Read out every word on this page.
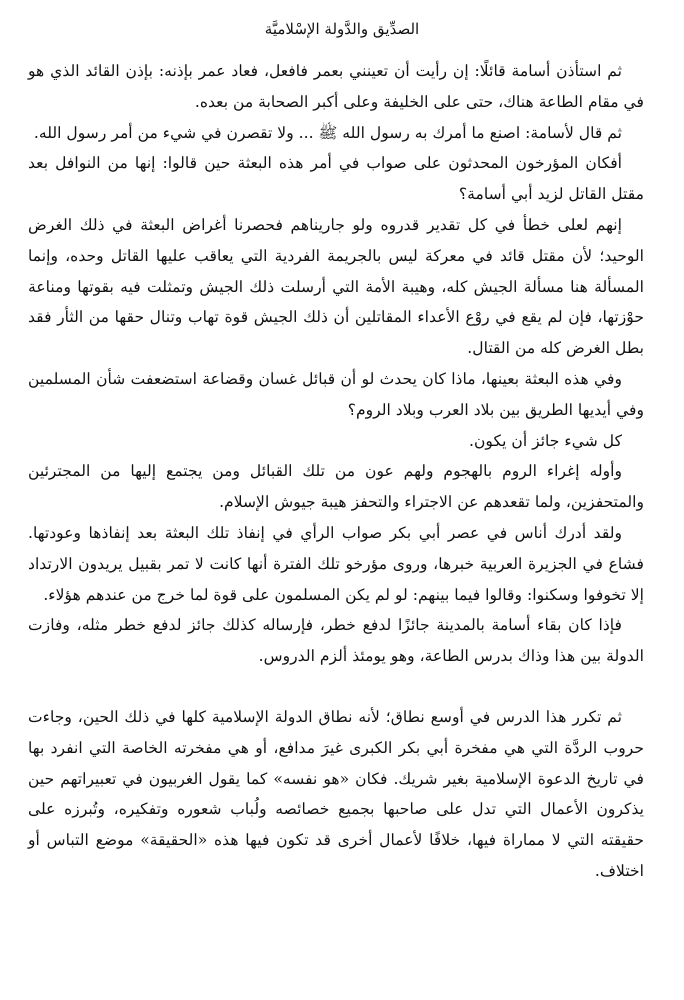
الصدِّيق والدَّولة الإسْلاميَّة

ثم استأذن أسامة قائلًا: إن رأيت أن تعينني بعمر فافعل، فعاد عمر بإذنه: بإذن القائد الذي هو في مقام الطاعة هناك، حتى على الخليفة وعلى أكبر الصحابة من بعده.

ثم قال لأسامة: اصنع ما أمرك به رسول الله ﷺ ... ولا تقصرن في شيء من أمر رسول الله.

أفكان المؤرخون المحدثون على صواب في أمر هذه البعثة حين قالوا: إنها من النوافل بعد مقتل القاتل لزيد أبي أسامة؟

إنهم لعلى خطأ في كل تقدير قدروه ولو جاريناهم فحصرنا أغراض البعثة في ذلك الغرض الوحيد؛ لأن مقتل قائد في معركة ليس بالجريمة الفردية التي يعاقب عليها القاتل وحده، وإنما المسألة هنا مسألة الجيش كله، وهيبة الأمة التي أرسلت ذلك الجيش وتمثلت فيه بقوتها ومناعة حوْزتها، فإن لم يقع في روْع الأعداء المقاتلين أن ذلك الجيش قوة تهاب وتنال حقها من الثأر فقد بطل الغرض كله من القتال.

وفي هذه البعثة بعينها، ماذا كان يحدث لو أن قبائل غسان وقضاعة استضعفت شأن المسلمين وفي أيديها الطريق بين بلاد العرب وبلاد الروم؟

كل شيء جائز أن يكون.

وأوله إغراء الروم بالهجوم ولهم عون من تلك القبائل ومن يجتمع إليها من المجترئين والمتحفزين، ولما تقعدهم عن الاجتراء والتحفز هيبة جيوش الإسلام.

ولقد أدرك أناس في عصر أبي بكر صواب الرأي في إنفاذ تلك البعثة بعد إنفاذها وعودتها. فشاع في الجزيرة العربية خبرها، وروى مؤرخو تلك الفترة أنها كانت لا تمر بقبيل يريدون الارتداد إلا تخوفوا وسكنوا: وقالوا فيما بينهم: لو لم يكن المسلمون على قوة لما خرج من عندهم هؤلاء.

فإذا كان بقاء أسامة بالمدينة جائزًا لدفع خطر، فإرساله كذلك جائز لدفع خطر مثله، وفازت الدولة بين هذا وذاك بدرس الطاعة، وهو يومئذ ألزم الدروس.

ثم تكرر هذا الدرس في أوسع نطاق؛ لأنه نطاق الدولة الإسلامية كلها في ذلك الحين، وجاءت حروب الردَّة التي هي مفخرة أبي بكر الكبرى غيرَ مدافع، أو هي مفخرته الخاصة التي انفرد بها في تاريخ الدعوة الإسلامية بغير شريك. فكان «هو نفسه» كما يقول الغربيون في تعبيراتهم حين يذكرون الأعمال التي تدل على صاحبها بجميع خصائصه ولُباب شعوره وتفكيره، وتُبرزه على حقيقته التي لا مماراة فيها، خلافًا لأعمال أخرى قد تكون فيها هذه «الحقيقة» موضع التباس أو اختلاف.
